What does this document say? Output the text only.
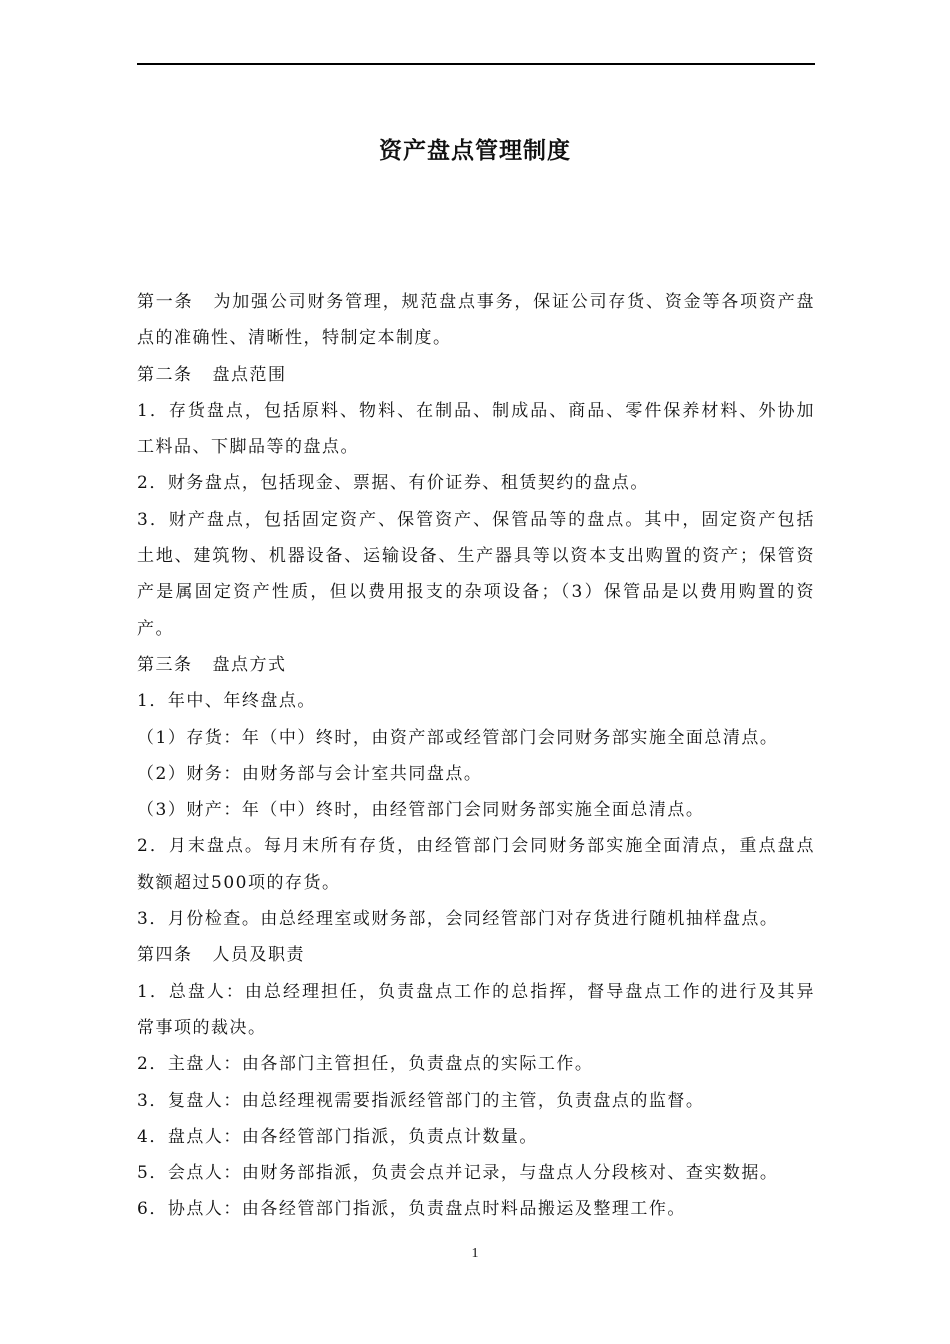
资产盘点管理制度

第一条 为加强公司财务管理，规范盘点事务，保证公司存货、资金等各项资产盘点的准确性、清晰性，特制定本制度。

第二条 盘点范围

1．存货盘点，包括原料、物料、在制品、制成品、商品、零件保养材料、外协加工料品、下脚品等的盘点。

2．财务盘点，包括现金、票据、有价证券、租赁契约的盘点。

3．财产盘点，包括固定资产、保管资产、保管品等的盘点。其中，固定资产包括土地、建筑物、机器设备、运输设备、生产器具等以资本支出购置的资产；保管资产是属固定资产性质，但以费用报支的杂项设备；（3）保管品是以费用购置的资产。

第三条 盘点方式

1．年中、年终盘点。

（1）存货：年（中）终时，由资产部或经管部门会同财务部实施全面总清点。

（2）财务：由财务部与会计室共同盘点。

（3）财产：年（中）终时，由经管部门会同财务部实施全面总清点。

2．月末盘点。每月末所有存货，由经管部门会同财务部实施全面清点，重点盘点数额超过500项的存货。

3．月份检查。由总经理室或财务部，会同经管部门对存货进行随机抽样盘点。

第四条 人员及职责

1．总盘人：由总经理担任，负责盘点工作的总指挥，督导盘点工作的进行及其异常事项的裁决。

2．主盘人：由各部门主管担任，负责盘点的实际工作。

3．复盘人：由总经理视需要指派经管部门的主管，负责盘点的监督。

4．盘点人：由各经管部门指派，负责点计数量。

5．会点人：由财务部指派，负责会点并记录，与盘点人分段核对、查实数据。

6．协点人：由各经管部门指派，负责盘点时料品搬运及整理工作。

1
